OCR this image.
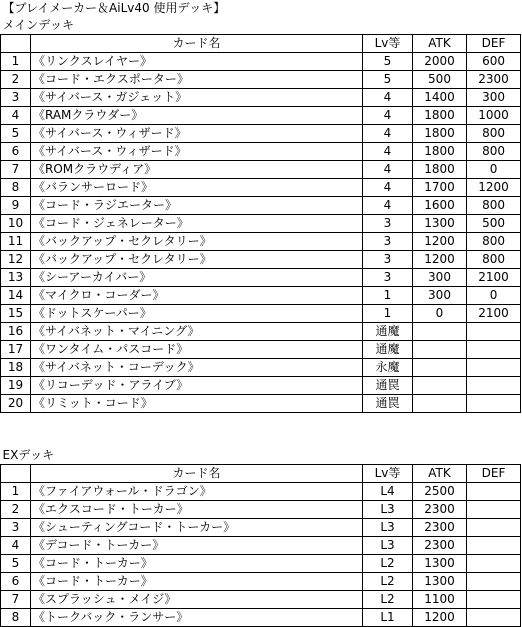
【ブレイメーカー＆AiLv40 使用デッキ】				
メインデッキ				
	カード名	Lv等	ATK	DEF
1	《リンクスレイヤー》	5	2000	600
2	《コード・エクスポーター》	5	500	2300
3	《サイバース・ガジェット》	4	1400	300
4	《RAMクラウダー》	4	1800	1000
5	《サイバース・ウィザード》	4	1800	800
6	《サイバース・ウィザード》	4	1800	800
7	《ROMクラウディア》	4	1800	0
8	《バランサーロード》	4	1700	1200
9	《コード・ラジエーター》	4	1600	800
10	《コード・ジェネレーター》	3	1300	500
11	《バックアップ・セクレタリー》	3	1200	800
12	《バックアップ・セクレタリー》	3	1200	800
13	《シーアーカイバー》	3	300	2100
14	《マイクロ・コーダー》	1	300	0
15	《ドットスケーパー》	1	0	2100
16	《サイバネット・マイニング》	通魔		
17	《ワンタイム・パスコード》	通魔		
18	《サイバネット・コーデック》	永魔		
19	《リコーデッド・アライブ》	通罠		
20	《リミット・コード》	通罠		

EXデッキ				
	カード名	Lv等	ATK	DEF
1	《ファイアウォール・ドラゴン》	L4	2500	
2	《エクスコード・トーカー》	L3	2300	
3	《シューティングコード・トーカー》	L3	2300	
4	《デコード・トーカー》	L3	2300	
5	《コード・トーカー》	L2	1300	
6	《コード・トーカー》	L2	1300	
7	《スプラッシュ・メイジ》	L2	1100	
8	《トークバック・ランサー》	L1	1200	
